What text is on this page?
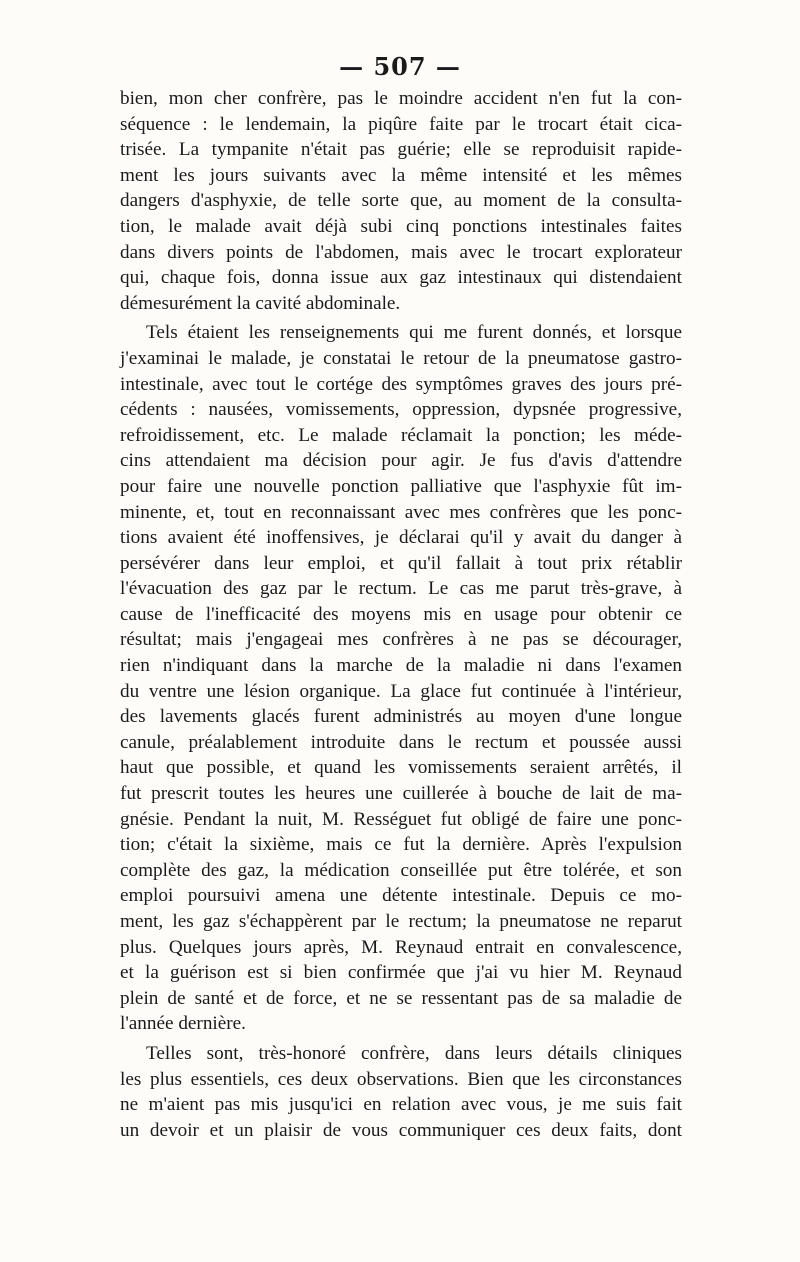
— 507 —
bien, mon cher confrère, pas le moindre accident n'en fut la con-
séquence : le lendemain, la piqûre faite par le trocart était cica-
trisée. La tympanite n'était pas guérie; elle se reproduisit rapide-
ment les jours suivants avec la même intensité et les mêmes
dangers d'asphyxie, de telle sorte que, au moment de la consulta-
tion, le malade avait déjà subi cinq ponctions intestinales faites
dans divers points de l'abdomen, mais avec le trocart explorateur
qui, chaque fois, donna issue aux gaz intestinaux qui distendaient
démesurément la cavité abdominale.
Tels étaient les renseignements qui me furent donnés, et lorsque
j'examinai le malade, je constatai le retour de la pneumatose gastro-
intestinale, avec tout le cortége des symptômes graves des jours pré-
cédents : nausées, vomissements, oppression, dypsnée progressive,
refroidissement, etc. Le malade réclamait la ponction; les méde-
cins attendaient ma décision pour agir. Je fus d'avis d'attendre
pour faire une nouvelle ponction palliative que l'asphyxie fût im-
minente, et, tout en reconnaissant avec mes confrères que les ponc-
tions avaient été inoffensives, je déclarai qu'il y avait du danger à
persévérer dans leur emploi, et qu'il fallait à tout prix rétablir
l'évacuation des gaz par le rectum. Le cas me parut très-grave, à
cause de l'inefficacité des moyens mis en usage pour obtenir ce
résultat; mais j'engageai mes confrères à ne pas se décourager,
rien n'indiquant dans la marche de la maladie ni dans l'examen
du ventre une lésion organique. La glace fut continuée à l'intérieur,
des lavements glacés furent administrés au moyen d'une longue
canule, préalablement introduite dans le rectum et poussée aussi
haut que possible, et quand les vomissements seraient arrêtés, il
fut prescrit toutes les heures une cuillerée à bouche de lait de ma-
gnésie. Pendant la nuit, M. Rességuet fut obligé de faire une ponc-
tion; c'était la sixième, mais ce fut la dernière. Après l'expulsion
complète des gaz, la médication conseillée put être tolérée, et son
emploi poursuivi amena une détente intestinale. Depuis ce mo-
ment, les gaz s'échappèrent par le rectum; la pneumatose ne reparut
plus. Quelques jours après, M. Reynaud entrait en convalescence,
et la guérison est si bien confirmée que j'ai vu hier M. Reynaud
plein de santé et de force, et ne se ressentant pas de sa maladie de
l'année dernière.
Telles sont, très-honoré confrère, dans leurs détails cliniques
les plus essentiels, ces deux observations. Bien que les circonstances
ne m'aient pas mis jusqu'ici en relation avec vous, je me suis fait
un devoir et un plaisir de vous communiquer ces deux faits, dont
